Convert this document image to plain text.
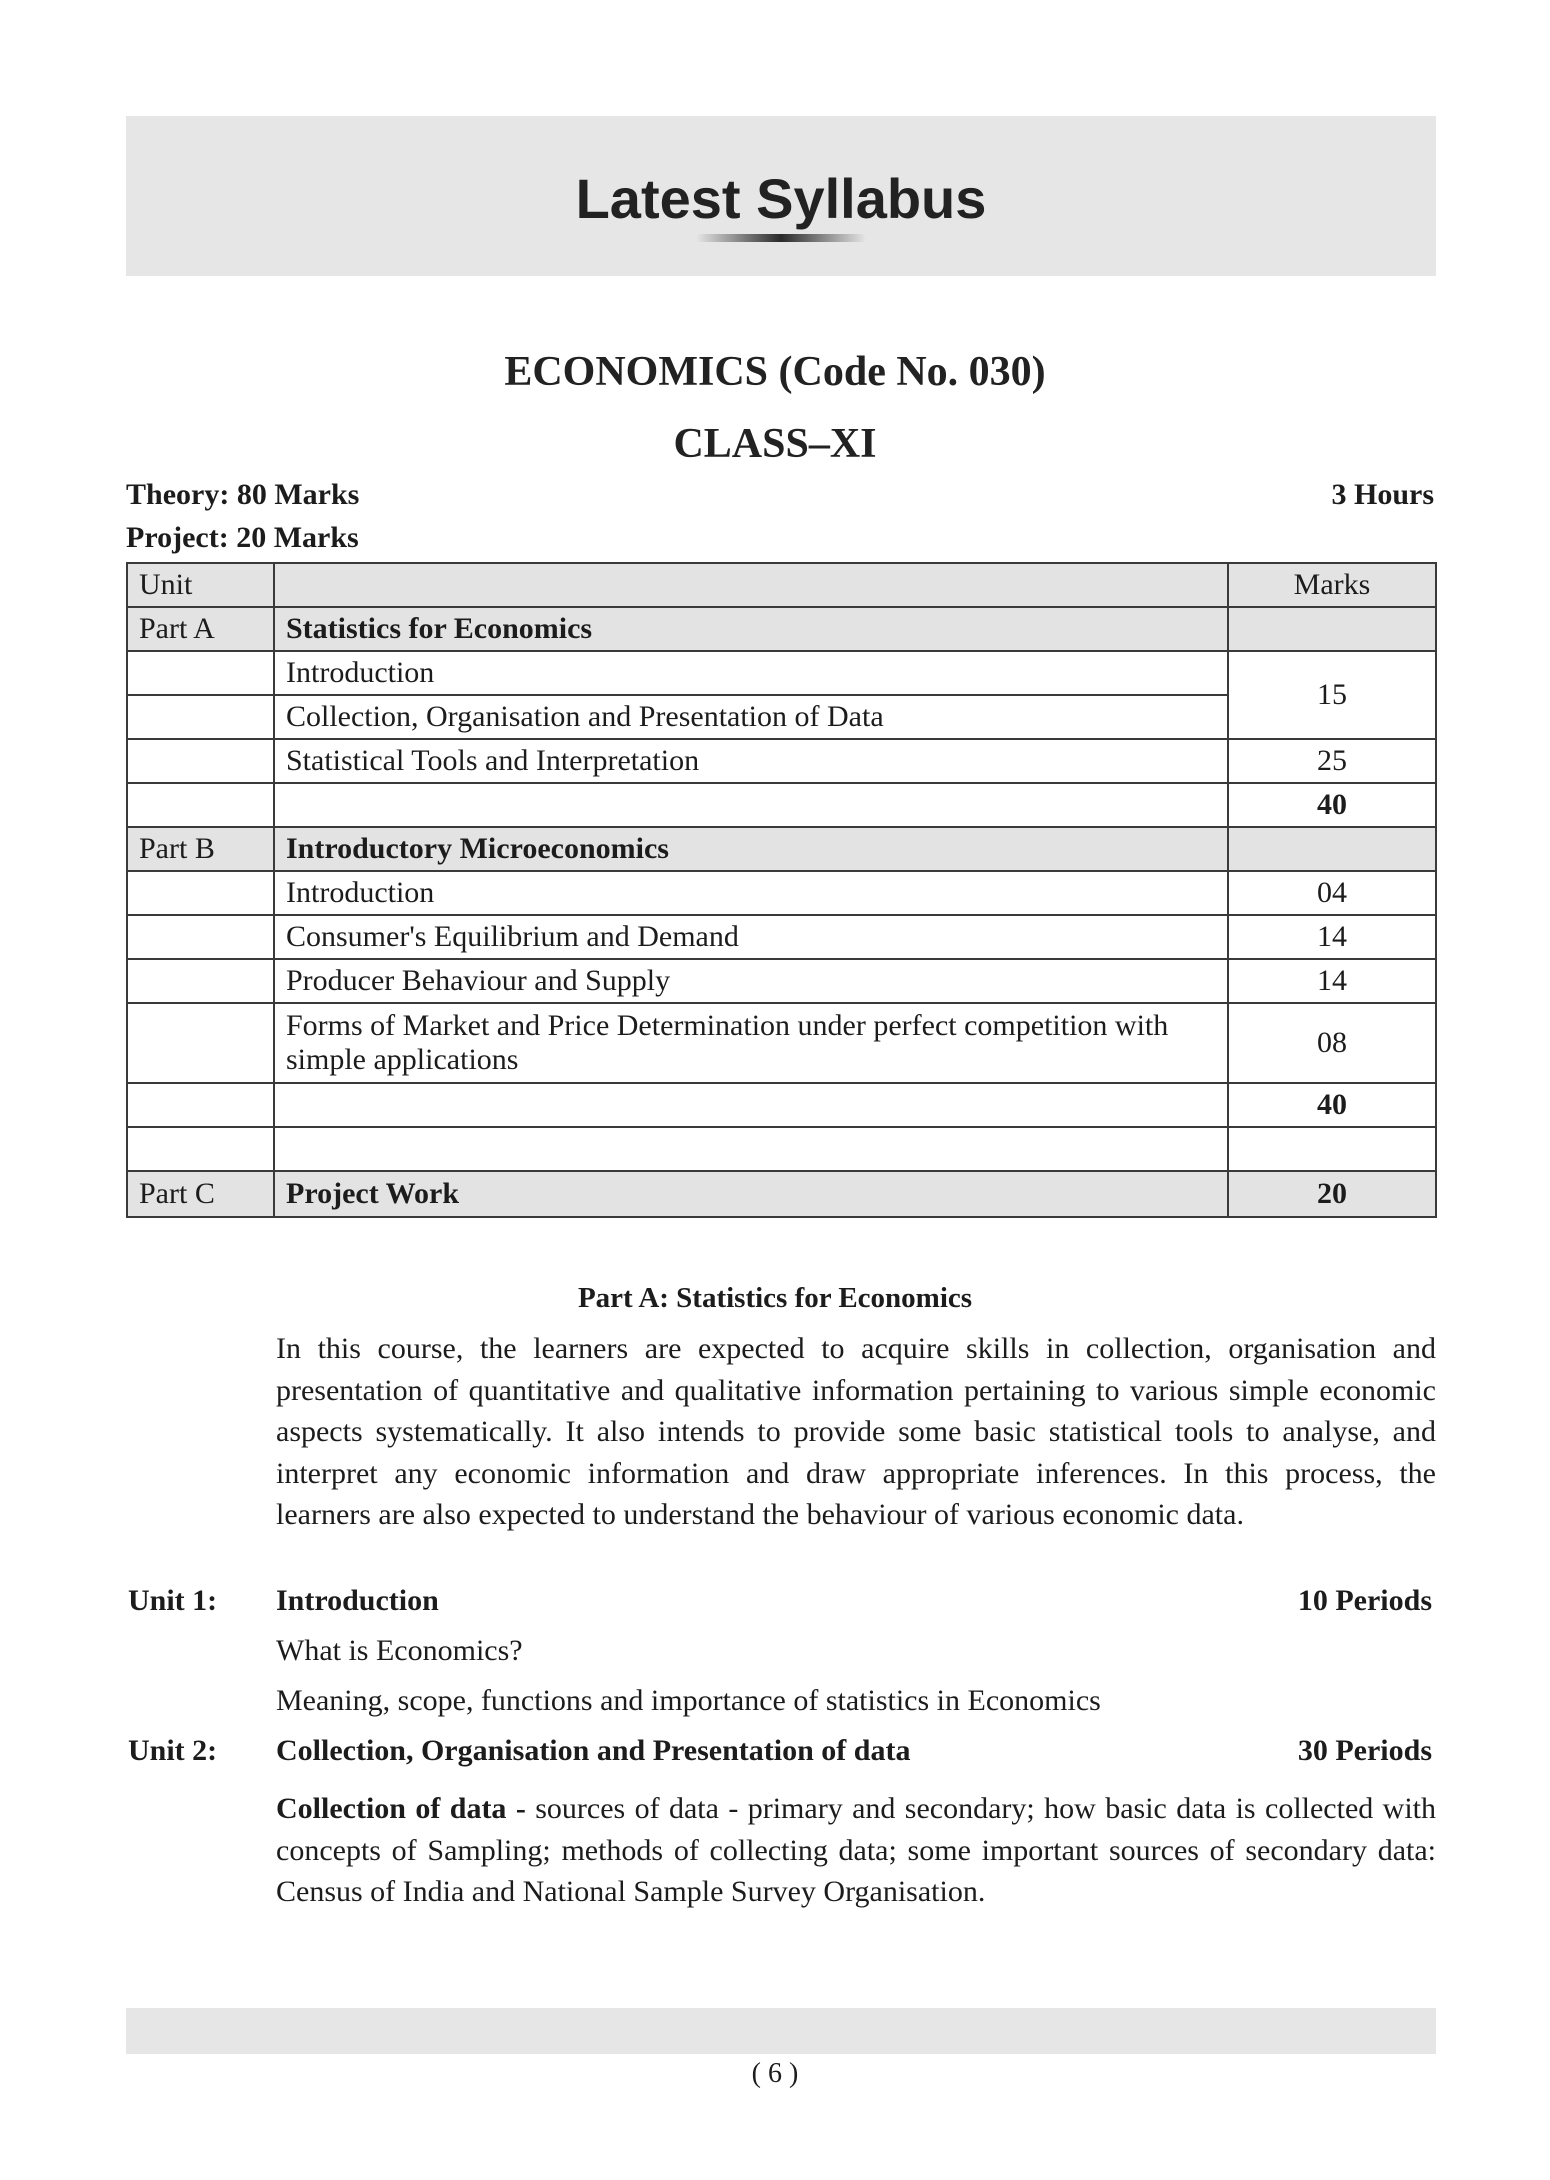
Latest Syllabus
ECONOMICS (Code No. 030)
CLASS–XI
Theory: 80 Marks
Project: 20 Marks
3 Hours
Unit		Marks
Part A	Statistics for Economics	
	Introduction	15
	Collection, Organisation and Presentation of Data	
	Statistical Tools and Interpretation	25
		40
Part B	Introductory Microeconomics	
	Introduction	04
	Consumer's Equilibrium and Demand	14
	Producer Behaviour and Supply	14
	Forms of Market and Price Determination under perfect competition with simple applications	08
		40

Part C	Project Work	20
Part A: Statistics for Economics
In this course, the learners are expected to acquire skills in collection, organisation and presentation of quantitative and qualitative information pertaining to various simple economic aspects systematically. It also intends to provide some basic statistical tools to analyse, and interpret any economic information and draw appropriate inferences. In this process, the learners are also expected to understand the behaviour of various economic data.
Unit 1: Introduction	10 Periods
What is Economics?
Meaning, scope, functions and importance of statistics in Economics
Unit 2: Collection, Organisation and Presentation of data	30 Periods
Collection of data - sources of data - primary and secondary; how basic data is collected with concepts of Sampling; methods of collecting data; some important sources of secondary data: Census of India and National Sample Survey Organisation.
( 6 )
